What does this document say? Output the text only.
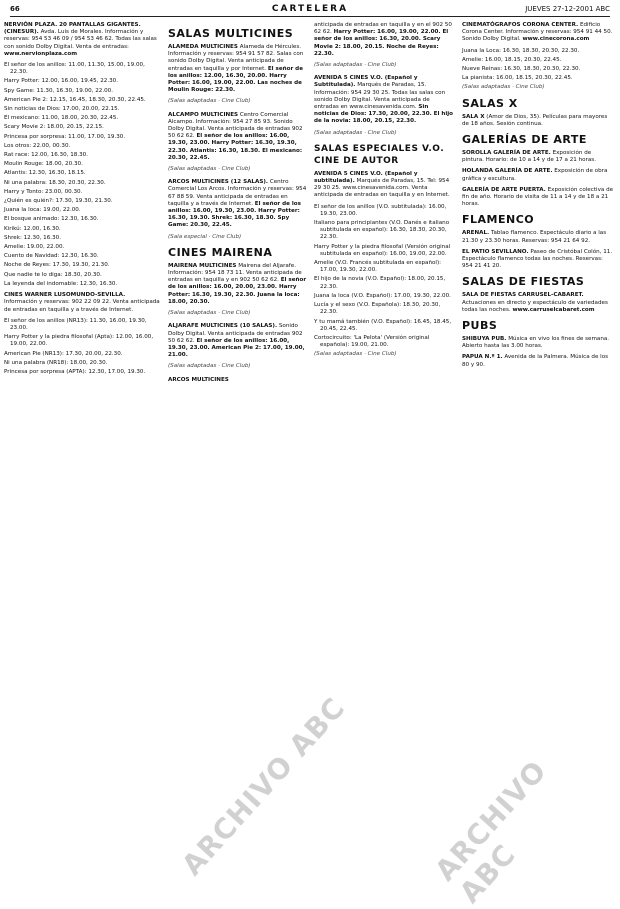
66	CARTELERA	JUEVES 27-12-2001 ABC

NERVIÓN PLAZA. 20 PANTALLAS GIGANTES. (CINESUR). Avda. Luis de Morales. Información y reservas: 954 53 46 09 / 954 53 46 62. Todas las salas con sonido Dolby Digital. Venta de entradas: www.nervionplaza.com

El señor de los anillos: 11.00, 11.30, 15.00, 19.00, 22.30.

Harry Potter: 12.00, 16.00, 19.45, 22.30.

Spy Game: 11.30, 16.30, 19.00, 22.00.

American Pie 2: 12.15, 16.45, 18.30, 20.30, 22.45.

Sin noticias de Dios: 17.00, 20.00, 22.15.

El mexicano: 11.00, 18.00, 20.30, 22.45.

Scary Movie 2: 18.00, 20.15, 22.15.

Princesa por sorpresa: 11.00, 17.00, 19.30.

Los otros: 22.00, 00.30.

Rat race: 12.00, 16.30, 18.30.

Moulin Rouge: 18.00, 20.30.

Atlantis: 12.30, 16.30, 18.15.

Ni una palabra: 18.30, 20.30, 22.30.

Harry y Tonto: 23.00, 00.30.

¿Quién es quién?: 17.30, 19.30, 21.30.

Juana la loca: 19.00, 22.00.

El bosque animado: 12.30, 16.30.

Kirikú: 12.00, 16.30.

Shrek: 12.30, 16.30.

Amelie: 19.00, 22.00.

Cuento de Navidad: 12.30, 16.30.

Noche de Reyes: 17.30, 19.30, 21.30.

Que nadie te lo diga: 18.30, 20.30.

La leyenda del indomable: 12.30, 16.30.

CINES WARNER LUSOMUNDO-SEVILLA. Información y reservas: 902 22 09 22. Venta anticipada de entradas en taquilla y a través de Internet.

El señor de los anillos (NR13): 11.30, 16.00, 19.30, 23.00.

Harry Potter y la piedra filosofal (Apta): 12.00, 16.00, 19.00, 22.00.

American Pie (NR13): 17.30, 20.00, 22.30.

Ni una palabra (NR18): 18.00, 20.30.

Princesa por sorpresa (APTA): 12.30, 17.00, 19.30.

SALAS MULTICINES

ALAMEDA MULTICINES Alameda de Hércules. Información y reservas: 954 91 57 82. Salas con sonido Dolby Digital. Venta anticipada de entradas en taquilla y por Internet. El señor de los anillos: 12.00, 16.30, 20.00. Harry Potter: 16.00, 19.00, 22.00. Las noches de Moulin Rouge: 22.30.

(Salas adaptadas · Cine Club)

ALCAMPO MULTICINES Centro Comercial Alcampo. Información: 954 27 85 93. Sonido Dolby Digital. Venta anticipada de entradas 902 50 62 62. El señor de los anillos: 16.00, 19.30, 23.00. Harry Potter: 16.30, 19.30, 22.30. Atlantis: 16.30, 18.30. El mexicano: 20.30, 22.45.

(Salas adaptadas · Cine Club)

ARCOS MULTICINES (12 SALAS). Centro Comercial Los Arcos. Información y reservas: 954 67 88 59. Venta anticipada de entradas en taquilla y a través de Internet. El señor de los anillos: 16.00, 19.30, 23.00. Harry Potter: 16.30, 19.30. Shrek: 16.30, 18.30. Spy Game: 20.30, 22.45.

(Sala especial · Cine Club)

CINES MAIRENA

MAIRENA MULTICINES Mairena del Aljarafe. Información: 954 18 73 11. Venta anticipada de entradas en taquilla y en 902 50 62 62. El señor de los anillos: 16.00, 20.00, 23.00. Harry Potter: 16.30, 19.30, 22.30. Juana la loca: 18.00, 20.30.

(Salas adaptadas · Cine Club)

ALJARAFE MULTICINES (10 SALAS). Sonido Dolby Digital. Venta anticipada de entradas 902 50 62 62. El señor de los anillos: 16.00, 19.30, 23.00. American Pie 2: 17.00, 19.00, 21.00.

(Salas adaptadas · Cine Club)

ARCOS MULTICINES

anticipada de entradas en taquilla y en el 902 50 62 62. Harry Potter: 16.00, 19.00, 22.00. El señor de los anillos: 16.30, 20.00. Scary Movie 2: 18.00, 20.15. Noche de Reyes: 22.30.

(Salas adaptadas · Cine Club)

AVENIDA 5 CINES V.O. (Español y Subtitulada). Marqués de Paradas, 15. Información: 954 29 30 25. Todas las salas con sonido Dolby Digital. Venta anticipada de entradas en www.cinesavenida.com. Sin noticias de Dios: 17.30, 20.00, 22.30. El hijo de la novia: 18.00, 20.15, 22.30.

(Salas adaptadas · Cine Club)

SALAS ESPECIALES V.O. CINE DE AUTOR

AVENIDA 5 CINES V.O. (Español y subtitulada). Marqués de Paradas, 15. Tel: 954 29 30 25. www.cinesavenida.com. Venta anticipada de entradas en taquilla y en Internet.

El señor de los anillos (V.O. subtitulada): 16.00, 19.30, 23.00.

Italiano para principiantes (V.O. Danés e italiano subtitulada en español): 16.30, 18.30, 20.30, 22.30.

Harry Potter y la piedra filosofal (Versión original subtitulada en español): 16.00, 19.00, 22.00.

Amelie (V.O. Francés subtitulada en español): 17.00, 19.30, 22.00.

El hijo de la novia (V.O. Español): 18.00, 20.15, 22.30.

Juana la loca (V.O. Español): 17.00, 19.30, 22.00.

Lucía y el sexo (V.O. Española): 18.30, 20.30, 22.30.

Y tu mamá también (V.O. Español): 16.45, 18.45, 20.45, 22.45.

Cortocircuito: 'La Pelota' (Versión original española): 19.00, 21.00.

(Salas adaptadas · Cine Club)

CINEMATÓGRAFOS CORONA CENTER. Edificio Corona Center. Información y reservas: 954 91 44 50. Sonido Dolby Digital. www.cinecorona.com

Juana la Loca: 16.30, 18.30, 20.30, 22.30.

Amelie: 16.00, 18.15, 20.30, 22.45.

Nueve Reinas: 16.30, 18.30, 20.30, 22.30.

La pianista: 16.00, 18.15, 20.30, 22.45.

(Salas adaptadas · Cine Club)

SALAS X

SALA X (Amor de Dios, 35). Películas para mayores de 18 años. Sesión continua.

GALERÍAS DE ARTE

SOROLLA GALERÍA DE ARTE. Exposición de pintura. Horario: de 10 a 14 y de 17 a 21 horas.

HOLANDA GALERÍA DE ARTE. Exposición de obra gráfica y escultura.

GALERÍA DE ARTE PUERTA. Exposición colectiva de fin de año. Horario de visita de 11 a 14 y de 18 a 21 horas.

FLAMENCO

ARENAL. Tablao flamenco. Espectáculo diario a las 21.30 y 23.30 horas. Reservas: 954 21 64 92.

EL PATIO SEVILLANO. Paseo de Cristóbal Colón, 11. Espectáculo flamenco todas las noches. Reservas: 954 21 41 20.

SALAS DE FIESTAS

SALA DE FIESTAS CARRUSEL-CABARET. Actuaciones en directo y espectáculo de variedades todas las noches. www.carruselcabaret.com

PUBS

SHIBUYA PUB. Música en vivo los fines de semana. Abierto hasta las 3.00 horas.

PAPUA N.º 1. Avenida de la Palmera. Música de los 80 y 90.

ARCHIVO ABC	ARCHIVO ABC
